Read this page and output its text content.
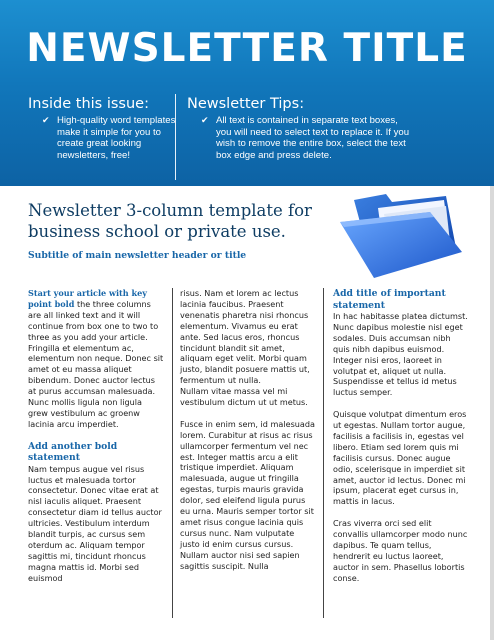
NEWSLETTER TITLE

Inside this issue:

✔ High-quality word templates make it simple for you to create great looking newsletters, free!

Newsletter Tips:

✔ All text is contained in separate text boxes, you will need to select text to replace it. If you wish to remove the entire box, select the text box edge and press delete.
Newsletter 3-column template for business school or private use.

Subtitle of main newsletter header or title

Start your article with key point bold the three columns are all linked text and it will continue from box one to two to three as you add your article. Fringilla et elementum ac, elementum non neque. Donec sit amet ot eu massa aliquet bibendum. Donec auctor lectus at purus accumsan malesuada. Nunc mollis ligula non ligula grew vestibulum ac groenw lacinia arcu imperdiet.

Add another bold statement

Nam tempus augue vel risus luctus et malesuada tortor consectetur. Donec vitae erat at nisl iaculis aliquet. Praesent consectetur diam id tellus auctor ultricies. Vestibulum interdum blandit turpis, ac cursus sem oterdum ac. Aliquam tempor sagittis mi, tincidunt rhoncus magna mattis id. Morbi sed euismod

risus. Nam et lorem ac lectus lacinia faucibus. Praesent venenatis pharetra nisi rhoncus elementum. Vivamus eu erat ante. Sed lacus eros, rhoncus tincidunt blandit sit amet, aliquam eget velit. Morbi quam justo, blandit posuere mattis ut, fermentum ut nulla.

Nullam vitae massa vel mi vestibulum dictum ut ut metus.

Fusce in enim sem, id malesuada lorem. Curabitur at risus ac risus ullamcorper fermentum vel nec est. Integer mattis arcu a elit tristique imperdiet. Aliquam malesuada, augue ut fringilla egestas, turpis mauris gravida dolor, sed eleifend ligula purus eu urna. Mauris semper tortor sit amet risus congue lacinia quis cursus nunc. Nam vulputate justo id enim cursus cursus. Nullam auctor nisi sed sapien sagittis suscipit. Nulla

Add title of important statement

In hac habitasse platea dictumst. Nunc dapibus molestie nisl eget sodales. Duis accumsan nibh quis nibh dapibus euismod. Integer nisi eros, laoreet in volutpat et, aliquet ut nulla. Suspendisse et tellus id metus luctus semper.

Quisque volutpat dimentum eros ut egestas. Nullam tortor augue, facilisis a facilisis in, egestas vel libero. Etiam sed lorem quis mi facilisis cursus. Donec augue odio, scelerisque in imperdiet sit amet, auctor id lectus. Donec mi ipsum, placerat eget cursus in, mattis in lacus.

Cras viverra orci sed elit convallis ullamcorper modo nunc dapibus. Te quam tellus, hendrerit eu luctus laoreet, auctor in sem. Phasellus lobortis conse.
